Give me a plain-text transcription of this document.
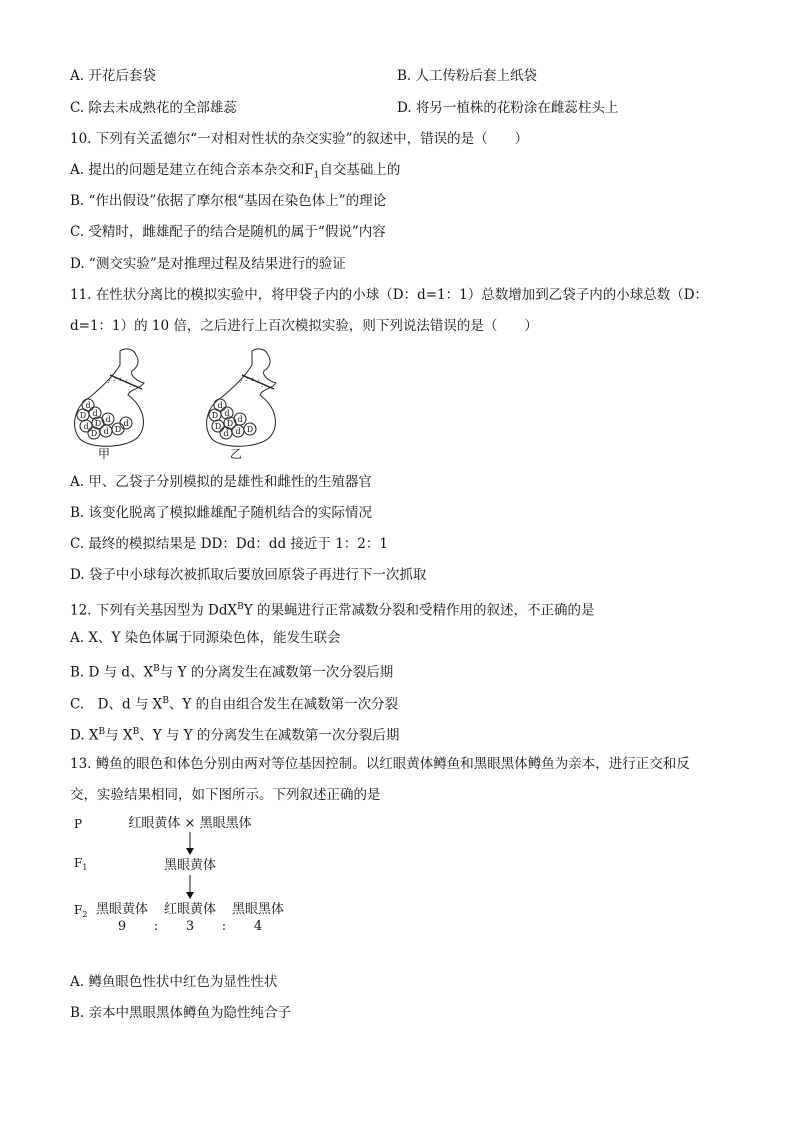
A. 开花后套袋	B. 人工传粉后套上纸袋
C. 除去未成熟花的全部雄蕊	D. 将另一植株的花粉涂在雌蕊柱头上
10. 下列有关孟德尔“一对相对性状的杂交实验”的叙述中，错误的是（　　）
A. 提出的问题是建立在纯合亲本杂交和$F_1$自交基础上的
B. “作出假设”依据了摩尔根“基因在染色体上”的理论
C. 受精时，雌雄配子的结合是随机的属于“假说”内容
D. “测交实验”是对推理过程及结果进行的验证
11. 在性状分离比的模拟实验中，将甲袋子内的小球（D：d=1：1）总数增加到乙袋子内的小球总数（D：
d=1：1）的 10 倍，之后进行上百次模拟实验，则下列说法错误的是（　　）
d
D d
d D d
D d D
d
甲
d
D d
D D d
d d D
乙
A. 甲、乙袋子分别模拟的是雄性和雌性的生殖器官
B. 该变化脱离了模拟雌雄配子随机结合的实际情况
C. 最终的模拟结果是 DD：Dd：dd 接近于 1：2：1
D. 袋子中小球每次被抓取后要放回原袋子再进行下一次抓取
12. 下列有关基因型为 DdX$^B$Y 的果蝇进行正常减数分裂和受精作用的叙述，不正确的是
A. X、Y 染色体属于同源染色体，能发生联会
B. D 与 d、$X^B$与 Y 的分离发生在减数第一次分裂后期
C.　D、d 与 $X^B$、Y 的自由组合发生在减数第一次分裂
D. $X^B$与 $X^B$、Y 与 Y 的分离发生在减数第一次分裂后期
13. 鳟鱼的眼色和体色分别由两对等位基因控制。以红眼黄体鳟鱼和黑眼黑体鳟鱼为亲本，进行正交和反
交，实验结果相同，如下图所示。下列叙述正确的是
P	红眼黄体 × 黑眼黑体
$F_1$	黑眼黄体
$F_2$ 黑眼黄体 红眼黄体 黑眼黑体
9 : 3 : 4
A. 鳟鱼眼色性状中红色为显性性状
B. 亲本中黑眼黑体鳟鱼为隐性纯合子
